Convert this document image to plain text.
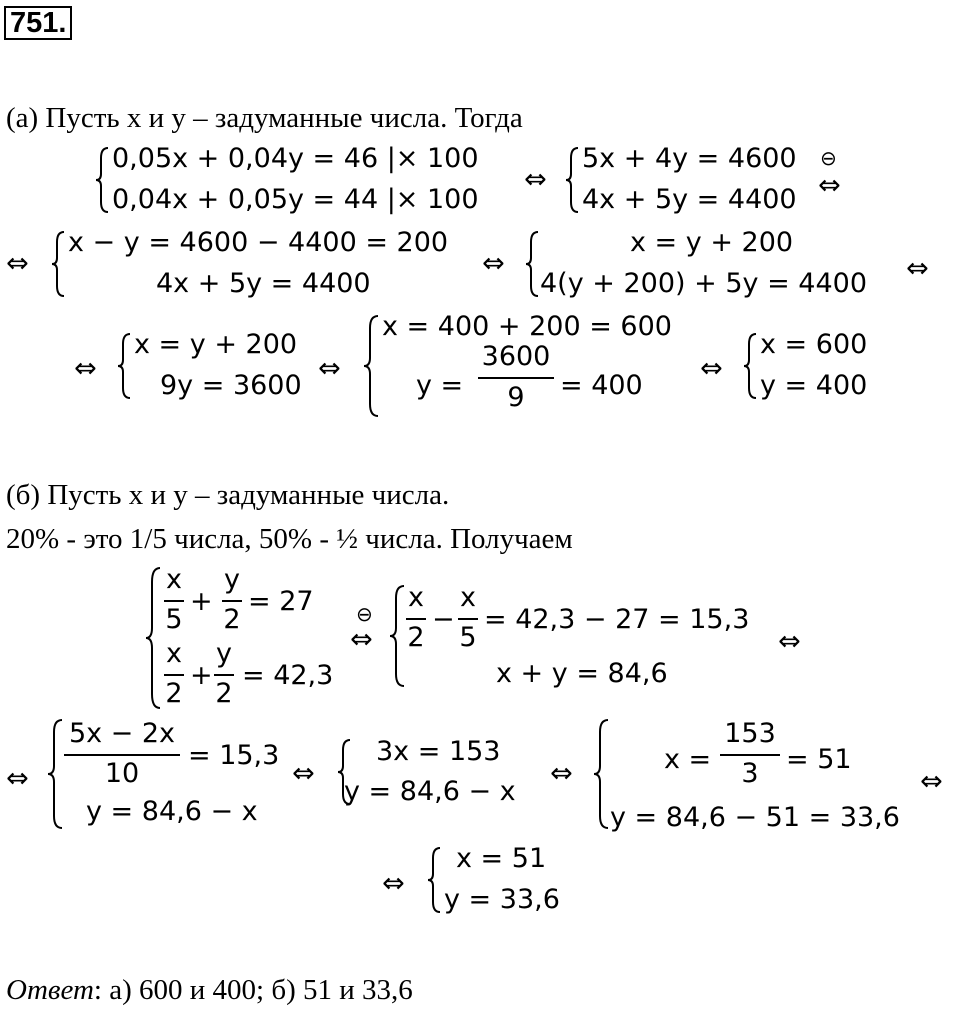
751.
(а) Пусть x и y – задуманные числа. Тогда
0,05x + 0,04y = 46 |× 100
0,04x + 0,05y = 44 |× 100
⇔
5x + 4y = 4600
4x + 5y = 4400
⊖
⇔
⇔
x − y = 4600 − 4400 = 200
4x + 5y = 4400
⇔
x = y + 200
4(y + 200) + 5y = 4400 ⇔
⇔
x = y + 200
9y = 3600
⇔
x = 400 + 200 = 600
y =
3600
9	= 400
⇔
x = 600
y = 400
(б) Пусть x и y – задуманные числа.
20% - это 1/5 числа, 50% - ½ числа. Получаем
x
5
+
y
2
= 27
x
2
+
y
2
= 42,3
⊖
⇔
x
2
−
x
5
= 42,3 − 27 = 15,3
x + y = 84,6
⇔
⇔
5x − 2x
10
= 15,3
y = 84,6 − x
⇔
3x = 153
y = 84,6 − x
⇔	x =
153
3	= 51
y = 84,6 − 51 = 33,6
⇔
⇔
x = 51
y = 33,6
Ответ: а) 600 и 400; б) 51 и 33,6
